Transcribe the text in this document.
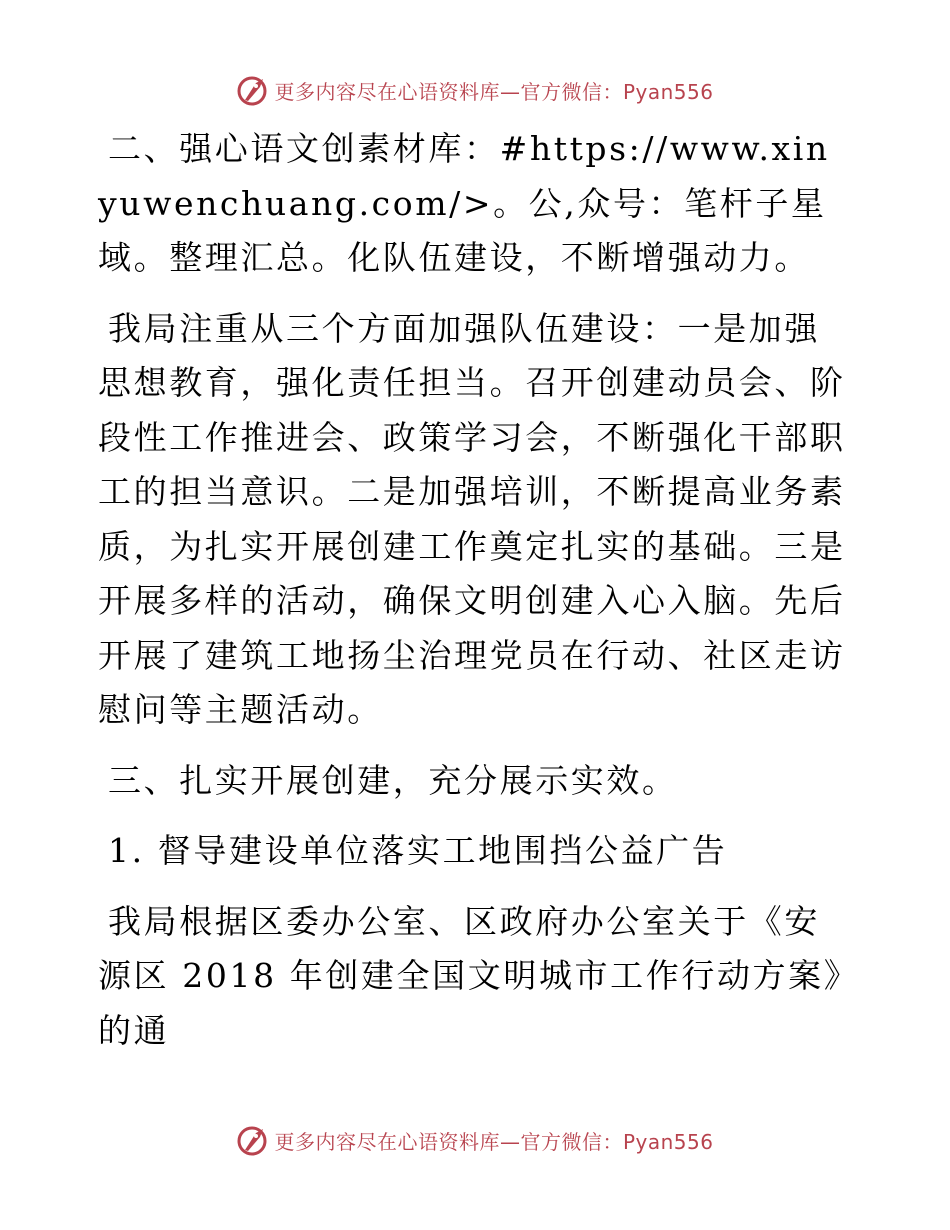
更多内容尽在心语资料库—官方微信：Pyan556

二、强心语文创素材库：#https://www.xinyuwenchuang.com/>。公,众号：笔杆子星域。整理汇总。化队伍建设，不断增强动力。

我局注重从三个方面加强队伍建设：一是加强思想教育，强化责任担当。召开创建动员会、阶段性工作推进会、政策学习会，不断强化干部职工的担当意识。二是加强培训，不断提高业务素质，为扎实开展创建工作奠定扎实的基础。三是开展多样的活动，确保文明创建入心入脑。先后开展了建筑工地扬尘治理党员在行动、社区走访慰问等主题活动。

三、扎实开展创建，充分展示实效。

1. 督导建设单位落实工地围挡公益广告

我局根据区委办公室、区政府办公室关于《安源区 2018 年创建全国文明城市工作行动方案》的通

更多内容尽在心语资料库—官方微信：Pyan556
